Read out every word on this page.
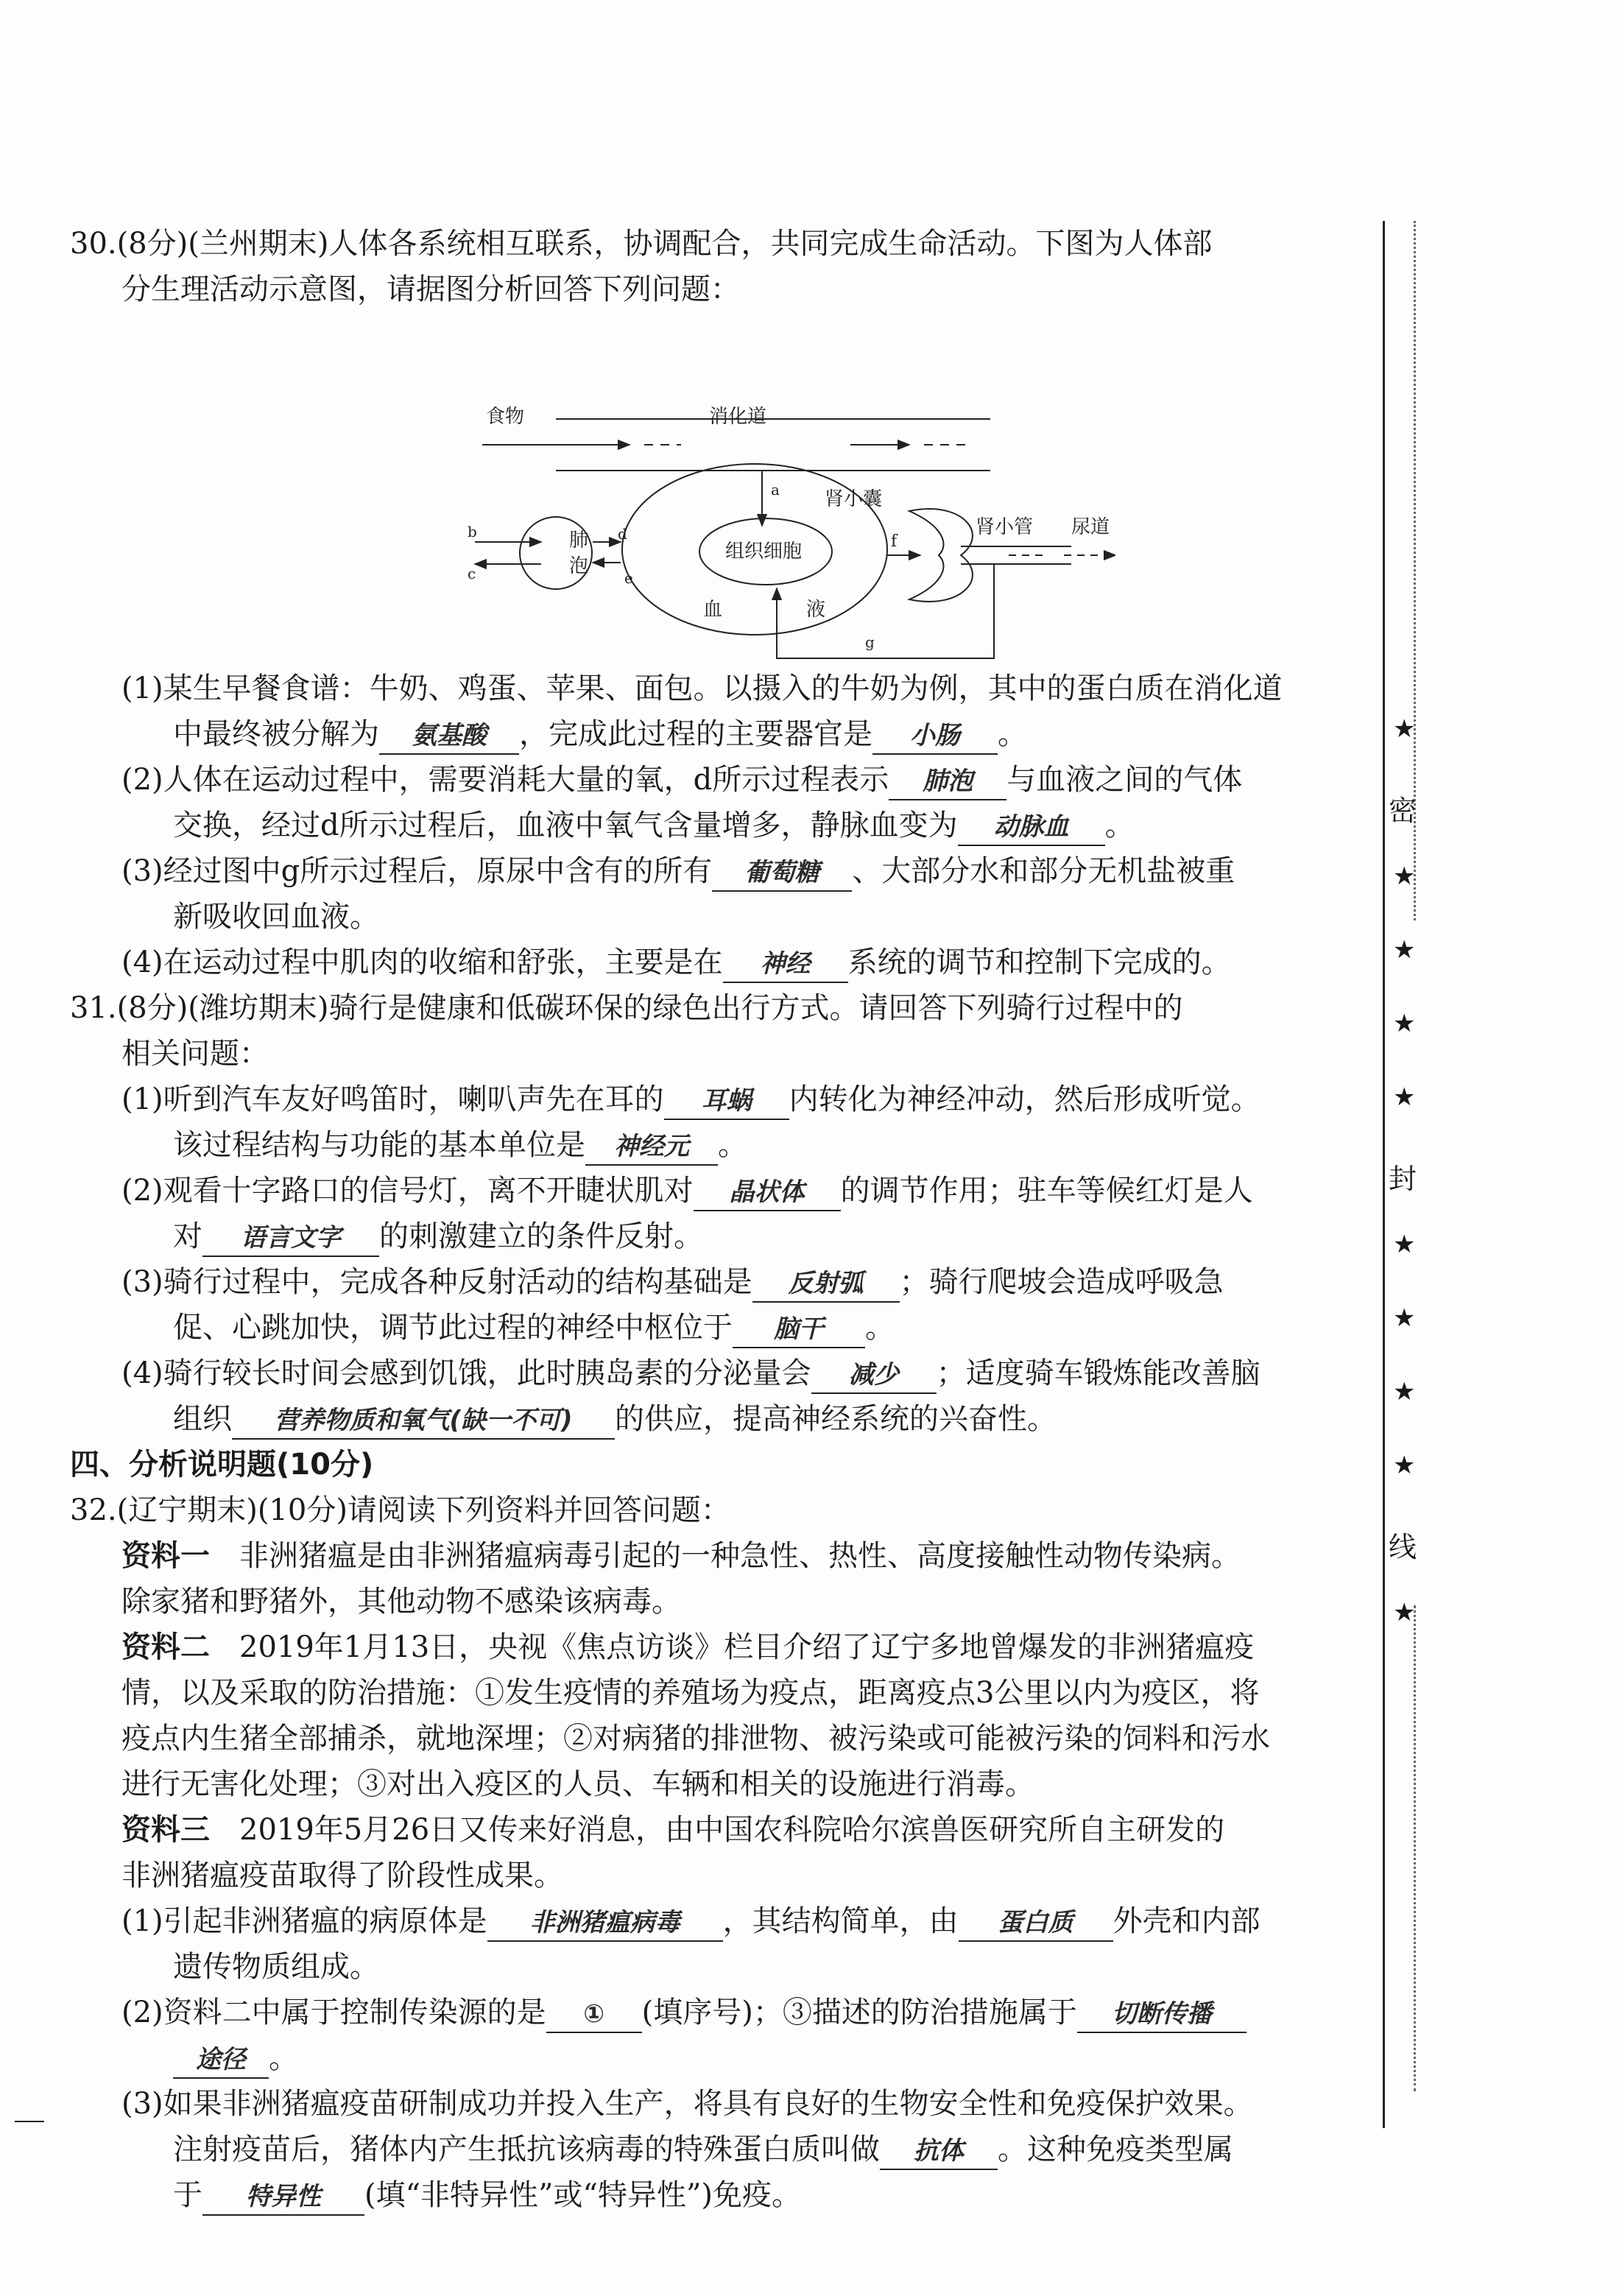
30.(8分)(兰州期末)人体各系统相互联系，协调配合，共同完成生命活动。下图为人体部
分生理活动示意图，请据图分析回答下列问题：
食物	消化道
a 肾小囊
b
c
肺
泡
d
e
组织细胞
血	液
f
肾小管 尿道
g
(1)某生早餐食谱：牛奶、鸡蛋、苹果、面包。以摄入的牛奶为例，其中的蛋白质在消化道
中最终被分解为 氨基酸 ，完成此过程的主要器官是 小肠 。
(2)人体在运动过程中，需要消耗大量的氧，d所示过程表示 肺泡 与血液之间的气体
交换，经过d所示过程后，血液中氧气含量增多，静脉血变为 动脉血 。
(3)经过图中g所示过程后，原尿中含有的所有 葡萄糖 、大部分水和部分无机盐被重
新吸收回血液。
(4)在运动过程中肌肉的收缩和舒张，主要是在 神经 系统的调节和控制下完成的。
31.(8分)(潍坊期末)骑行是健康和低碳环保的绿色出行方式。请回答下列骑行过程中的
相关问题：
(1)听到汽车友好鸣笛时，喇叭声先在耳的 耳蜗 内转化为神经冲动，然后形成听觉。
该过程结构与功能的基本单位是 神经元 。
(2)观看十字路口的信号灯，离不开睫状肌对 晶状体 的调节作用；驻车等候红灯是人
对 语言文字 的刺激建立的条件反射。
(3)骑行过程中，完成各种反射活动的结构基础是 反射弧 ；骑行爬坡会造成呼吸急
促、心跳加快，调节此过程的神经中枢位于 脑干 。
(4)骑行较长时间会感到饥饿，此时胰岛素的分泌量会 减少 ；适度骑车锻炼能改善脑
组织 营养物质和氧气(缺一不可) 的供应，提高神经系统的兴奋性。
四、分析说明题(10分)
32.(辽宁期末)(10分)请阅读下列资料并回答问题：
资料一　非洲猪瘟是由非洲猪瘟病毒引起的一种急性、热性、高度接触性动物传染病。
除家猪和野猪外，其他动物不感染该病毒。
资料二　2019年1月13日，央视《焦点访谈》栏目介绍了辽宁多地曾爆发的非洲猪瘟疫
情，以及采取的防治措施：①发生疫情的养殖场为疫点，距离疫点3公里以内为疫区，将
疫点内生猪全部捕杀，就地深埋；②对病猪的排泄物、被污染或可能被污染的饲料和污水
进行无害化处理；③对出入疫区的人员、车辆和相关的设施进行消毒。
资料三　2019年5月26日又传来好消息，由中国农科院哈尔滨兽医研究所自主研发的
非洲猪瘟疫苗取得了阶段性成果。
(1)引起非洲猪瘟的病原体是 非洲猪瘟病毒 ，其结构简单，由 蛋白质 外壳和内部
遗传物质组成。
(2)资料二中属于控制传染源的是 ① (填序号)；③描述的防治措施属于 切断传播
途径 。
(3)如果非洲猪瘟疫苗研制成功并投入生产，将具有良好的生物安全性和免疫保护效果。
注射疫苗后，猪体内产生抵抗该病毒的特殊蛋白质叫做 抗体 。这种免疫类型属
于 特异性 (填“非特异性”或“特异性”)免疫。
★
密
★
★
★
★
封
★
★
★
★
线
★
